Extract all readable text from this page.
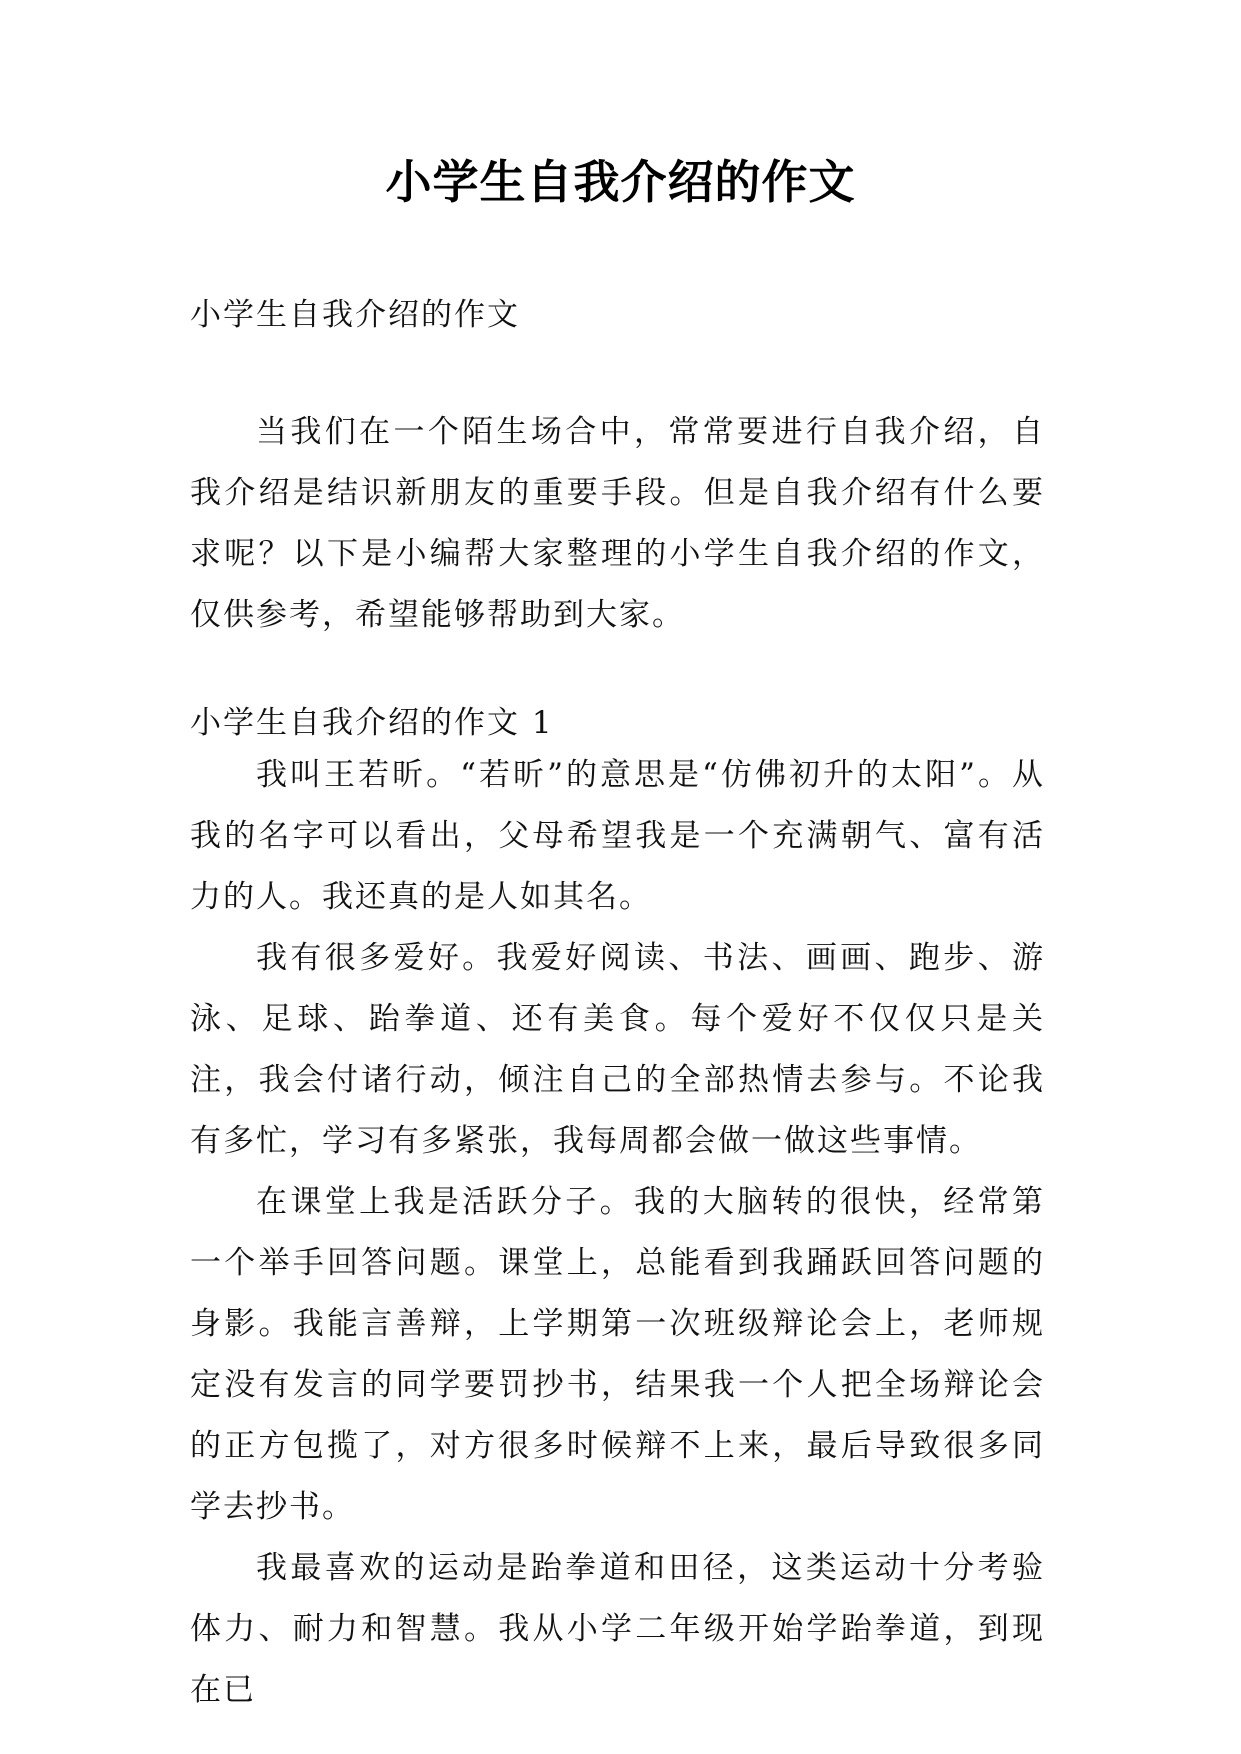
小学生自我介绍的作文
小学生自我介绍的作文

当我们在一个陌生场合中，常常要进行自我介绍，自我介绍是结识新朋友的重要手段。但是自我介绍有什么要求呢？以下是小编帮大家整理的小学生自我介绍的作文，仅供参考，希望能够帮助到大家。

小学生自我介绍的作文 1

我叫王若昕。“若昕”的意思是“仿佛初升的太阳”。从我的名字可以看出，父母希望我是一个充满朝气、富有活力的人。我还真的是人如其名。

我有很多爱好。我爱好阅读、书法、画画、跑步、游泳、足球、跆拳道、还有美食。每个爱好不仅仅只是关注，我会付诸行动，倾注自己的全部热情去参与。不论我有多忙，学习有多紧张，我每周都会做一做这些事情。

在课堂上我是活跃分子。我的大脑转的很快，经常第一个举手回答问题。课堂上，总能看到我踊跃回答问题的身影。我能言善辩，上学期第一次班级辩论会上，老师规定没有发言的同学要罚抄书，结果我一个人把全场辩论会的正方包揽了，对方很多时候辩不上来，最后导致很多同学去抄书。

我最喜欢的运动是跆拳道和田径，这类运动十分考验体力、耐力和智慧。我从小学二年级开始学跆拳道，到现在已
